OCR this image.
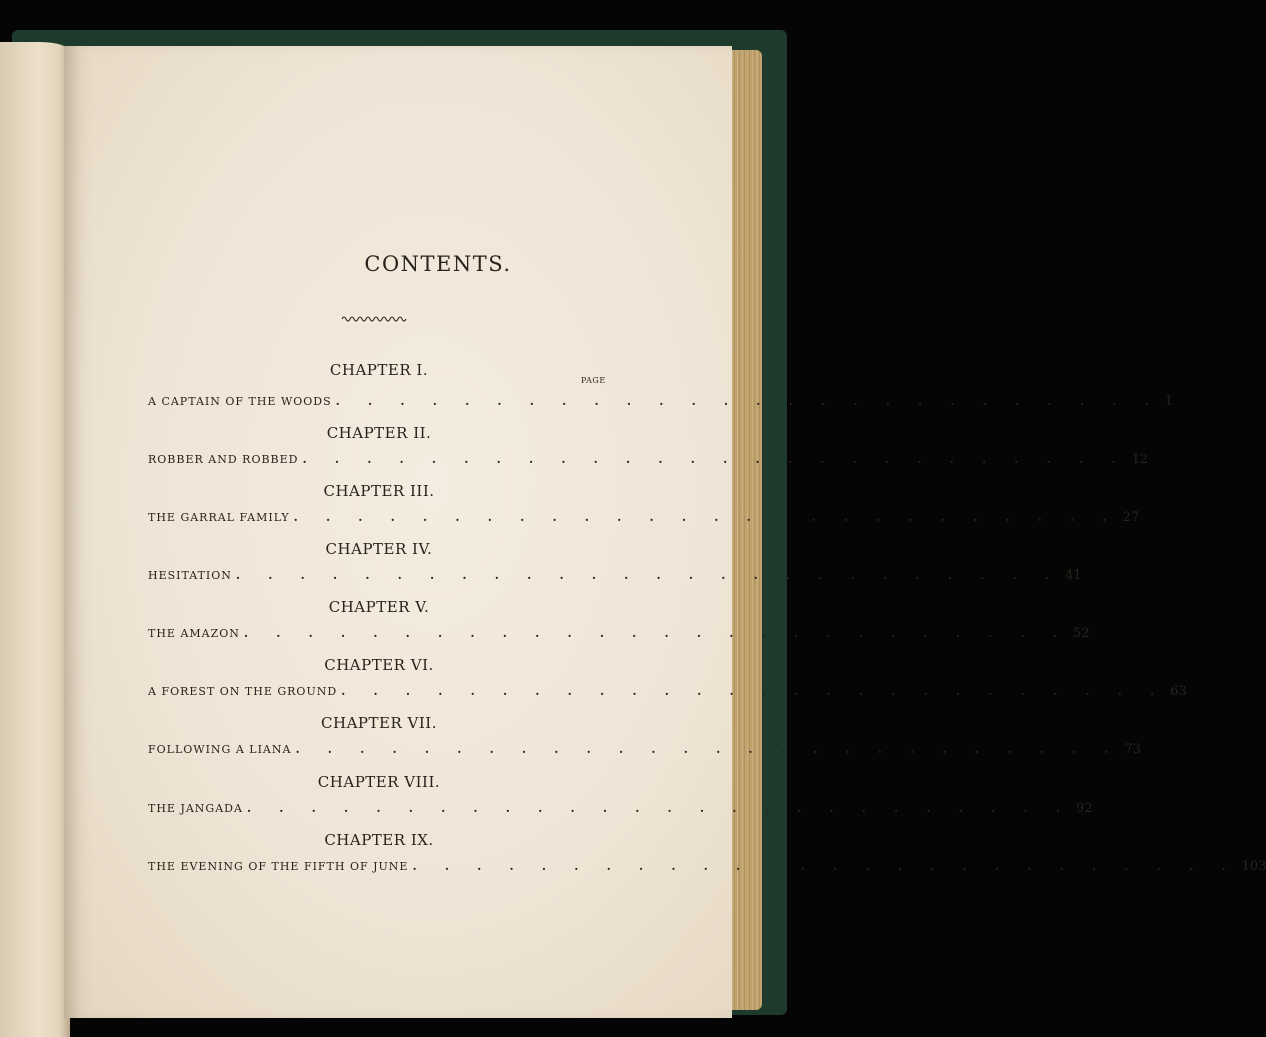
CONTENTS.
PAGE
CHAPTER I.
A CAPTAIN OF THE WOODS . . . . . . . . . . . . . . . . . . . . . . . . . . 1
CHAPTER II.
ROBBER AND ROBBED . . . . . . . . . . . . . . . . . . . . . . . . . . 12
CHAPTER III.
THE GARRAL FAMILY . . . . . . . . . . . . . . . . . . . . . . . . . . 27
CHAPTER IV.
HESITATION . . . . . . . . . . . . . . . . . . . . . . . . . . 41
CHAPTER V.
THE AMAZON . . . . . . . . . . . . . . . . . . . . . . . . . . 52
CHAPTER VI.
A FOREST ON THE GROUND . . . . . . . . . . . . . . . . . . . . . . . . . . 63
CHAPTER VII.
FOLLOWING A LIANA . . . . . . . . . . . . . . . . . . . . . . . . . . 73
CHAPTER VIII.
THE JANGADA . . . . . . . . . . . . . . . . . . . . . . . . . . 92
CHAPTER IX.
THE EVENING OF THE FIFTH OF JUNE . . . . . . . . . . . . . . . . . . . . . . . . . . 103
